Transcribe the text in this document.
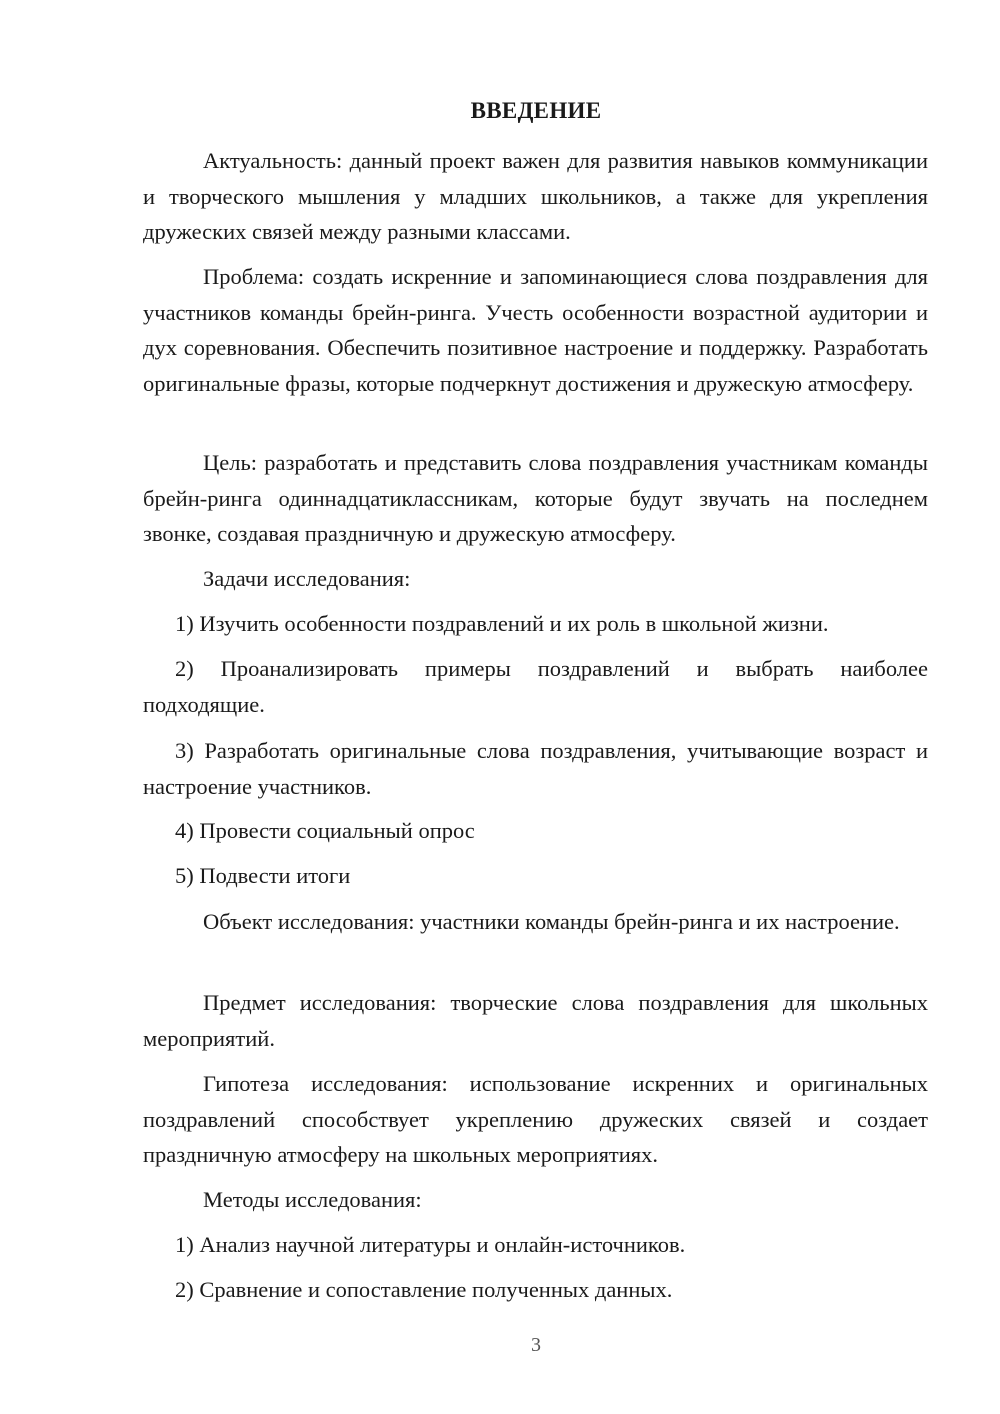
ВВЕДЕНИЕ

Актуальность: данный проект важен для развития навыков коммуникации и творческого мышления у младших школьников, а также для укрепления дружеских связей между разными классами.

Проблема: создать искренние и запоминающиеся слова поздравления для участников команды брейн-ринга. Учесть особенности возрастной аудитории и дух соревнования. Обеспечить позитивное настроение и поддержку. Разработать оригинальные фразы, которые подчеркнут достижения и дружескую атмосферу.

Цель: разработать и представить слова поздравления участникам команды брейн-ринга одиннадцатиклассникам, которые будут звучать на последнем звонке, создавая праздничную и дружескую атмосферу.

Задачи исследования:

1) Изучить особенности поздравлений и их роль в школьной жизни.

2) Проанализировать примеры поздравлений и выбрать наиболее подходящие.

3) Разработать оригинальные слова поздравления, учитывающие возраст и настроение участников.

4) Провести социальный опрос

5) Подвести итоги

Объект исследования: участники команды брейн-ринга и их настроение.

Предмет исследования: творческие слова поздравления для школьных мероприятий.

Гипотеза исследования: использование искренних и оригинальных поздравлений способствует укреплению дружеских связей и создает праздничную атмосферу на школьных мероприятиях.

Методы исследования:

1) Анализ научной литературы и онлайн-источников.

2) Сравнение и сопоставление полученных данных.

3
